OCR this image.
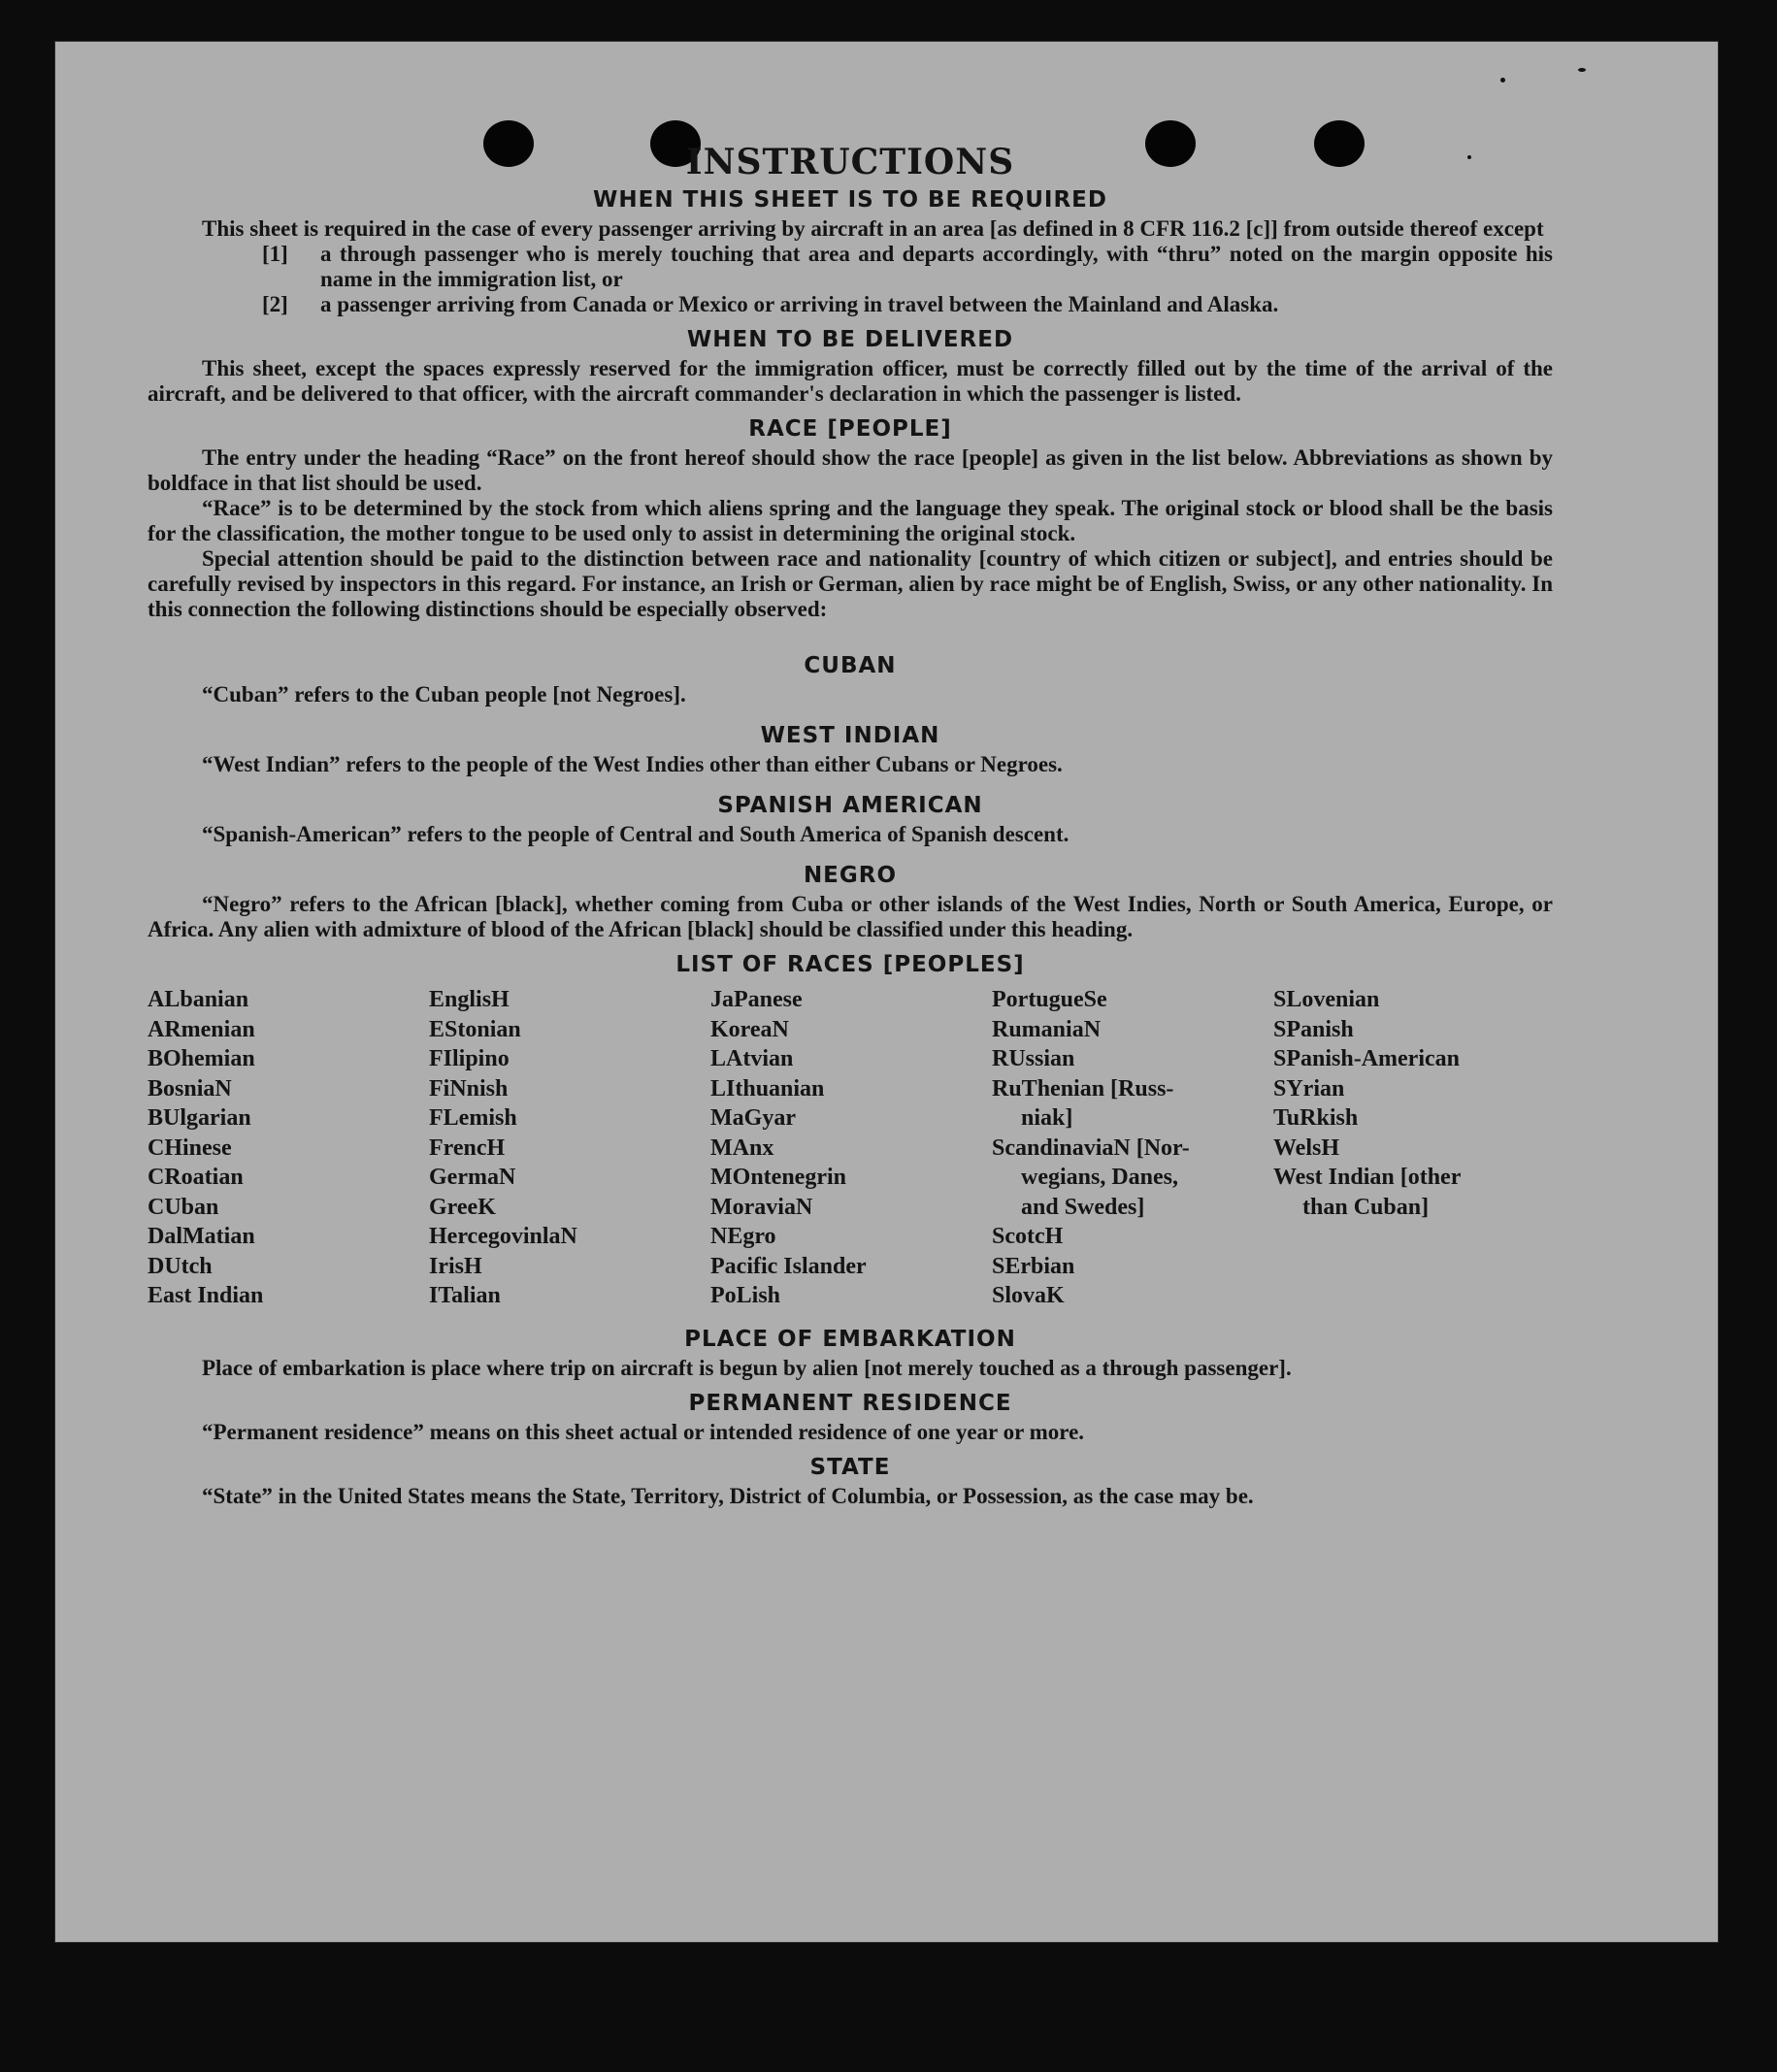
INSTRUCTIONS
WHEN THIS SHEET IS TO BE REQUIRED

This sheet is required in the case of every passenger arriving by aircraft in an area [as defined in 8 CFR 116.2 [c]] from outside thereof except

[1]	a through passenger who is merely touching that area and departs accordingly, with “thru” noted on the margin opposite his name in the immigration list, or
[2]	a passenger arriving from Canada or Mexico or arriving in travel between the Mainland and Alaska.
WHEN TO BE DELIVERED

This sheet, except the spaces expressly reserved for the immigration officer, must be correctly filled out by the time of the arrival of the aircraft, and be delivered to that officer, with the aircraft commander's declaration in which the passenger is listed.

RACE [PEOPLE]

The entry under the heading “Race” on the front hereof should show the race [people] as given in the list below. Abbreviations as shown by boldface in that list should be used.

“Race” is to be determined by the stock from which aliens spring and the language they speak. The original stock or blood shall be the basis for the classification, the mother tongue to be used only to assist in determining the original stock.

Special attention should be paid to the distinction between race and nationality [country of which citizen or subject], and entries should be carefully revised by inspectors in this regard. For instance, an Irish or German, alien by race might be of English, Swiss, or any other nationality. In this connection the following distinctions should be especially observed:

CUBAN

“Cuban” refers to the Cuban people [not Negroes].

WEST INDIAN

“West Indian” refers to the people of the West Indies other than either Cubans or Negroes.

SPANISH AMERICAN

“Spanish-American” refers to the people of Central and South America of Spanish descent.

NEGRO

“Negro” refers to the African [black], whether coming from Cuba or other islands of the West Indies, North or South America, Europe, or Africa. Any alien with admixture of blood of the African [black] should be classified under this heading.

LIST OF RACES [PEOPLES]
ALbanian
ARmenian
BOhemian
BosniaN
BUlgarian
CHinese
CRoatian
CUban
DalMatian
DUtch
East Indian
EnglisH
EStonian
FIlipino
FiNnish
FLemish
FrencH
GermaN
GreeK
HercegovinlaN
IrisH
ITalian
JaPanese
KoreaN
LAtvian
LIthuanian
MaGyar
MAnx
MOntenegrin
MoraviaN
NEgro
Pacific Islander
PoLish
PortugueSe
RumaniaN
RUssian
RuThenian [Russ-
niak]
ScandinaviaN [Nor-
wegians, Danes,
and Swedes]
ScotcH
SErbian
SlovaK
SLovenian
SPanish
SPanish-American
SYrian
TuRkish
WelsH
West Indian [other
than Cuban]
PLACE OF EMBARKATION

Place of embarkation is place where trip on aircraft is begun by alien [not merely touched as a through passenger].

PERMANENT RESIDENCE

“Permanent residence” means on this sheet actual or intended residence of one year or more.

STATE

“State” in the United States means the State, Territory, District of Columbia, or Possession, as the case may be.
